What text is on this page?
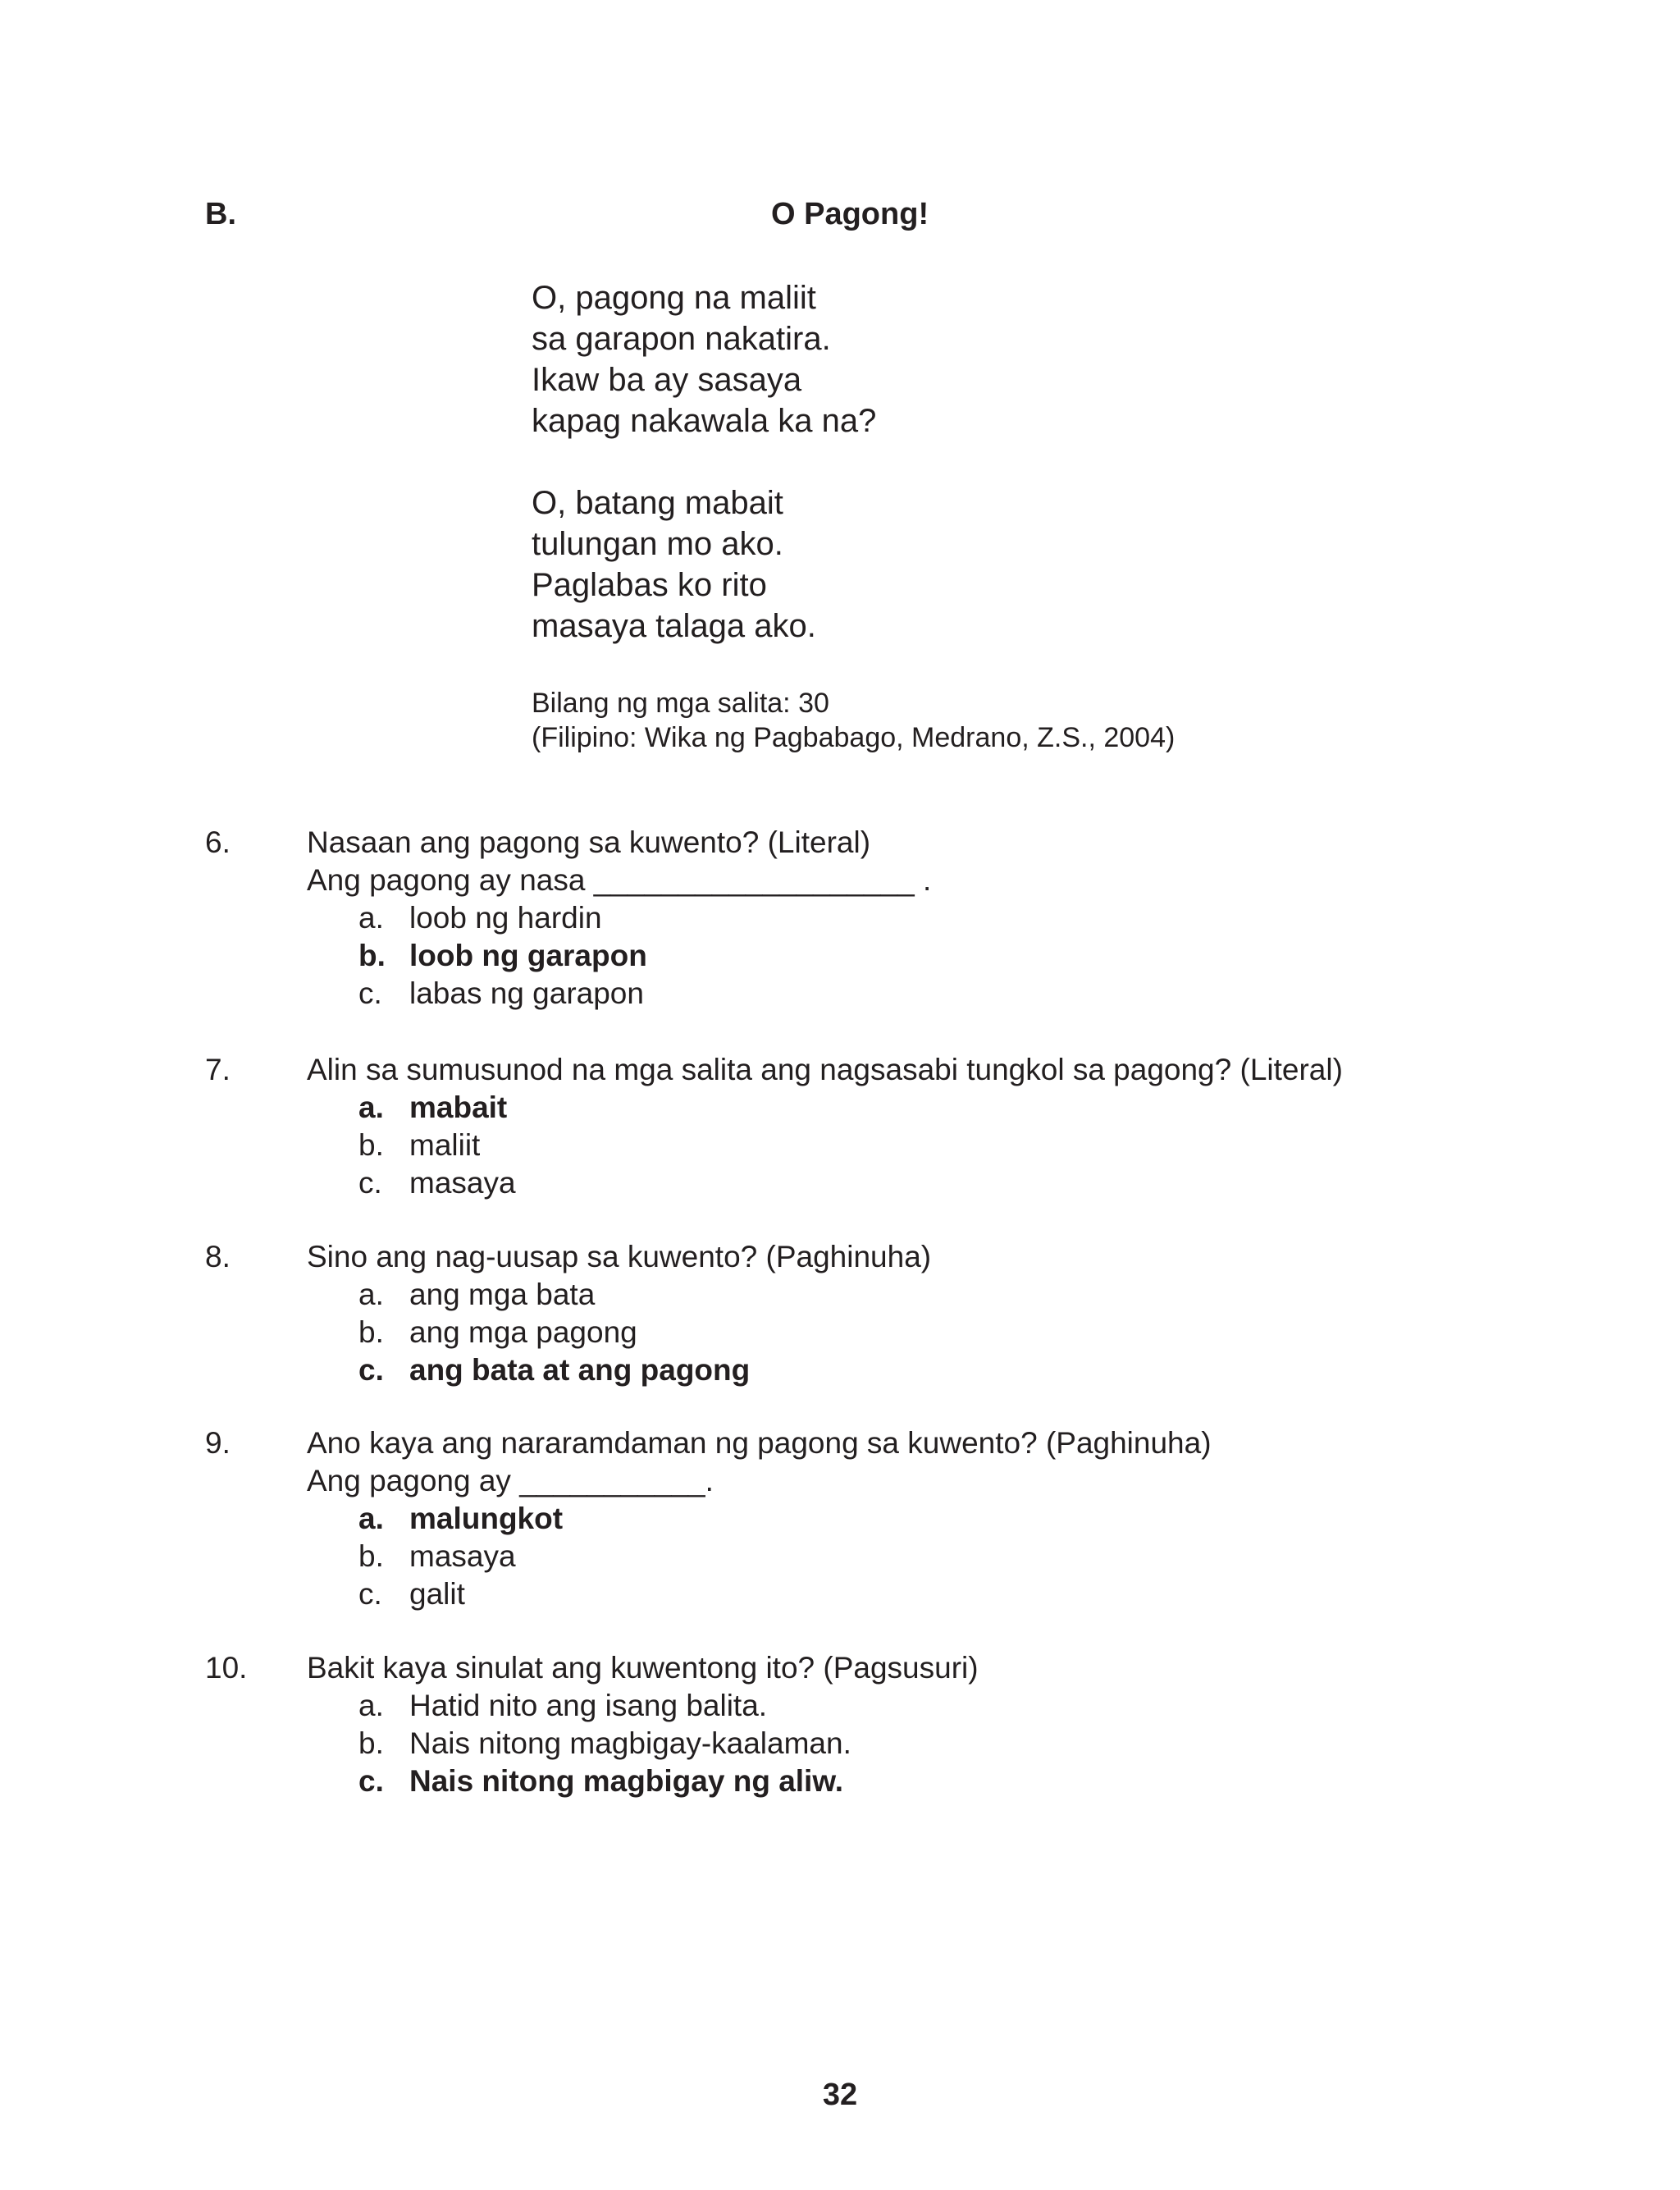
B.	O Pagong!
O, pagong na maliit
sa garapon nakatira.
Ikaw ba ay sasaya
kapag nakawala ka na?
O, batang mabait
tulungan mo ako.
Paglabas ko rito
masaya talaga ako.
Bilang ng mga salita: 30
(Filipino: Wika ng Pagbabago, Medrano, Z.S., 2004)
6.	Nasaan ang pagong sa kuwento? (Literal)
Ang pagong ay nasa ___________________ .
a. loob ng hardin
b. loob ng garapon
c. labas ng garapon
7.	Alin sa sumusunod na mga salita ang nagsasabi tungkol sa pagong? (Literal)
a. mabait
b. maliit
c. masaya
8.	Sino ang nag-uusap sa kuwento? (Paghinuha)
a. ang mga bata
b. ang mga pagong
c. ang bata at ang pagong
9.	Ano kaya ang nararamdaman ng pagong sa kuwento? (Paghinuha)
Ang pagong ay ___________.
a. malungkot
b. masaya
c. galit
10.	Bakit kaya sinulat ang kuwentong ito? (Pagsusuri)
a. Hatid nito ang isang balita.
b. Nais nitong magbigay-kaalaman.
c. Nais nitong magbigay ng aliw.
32
